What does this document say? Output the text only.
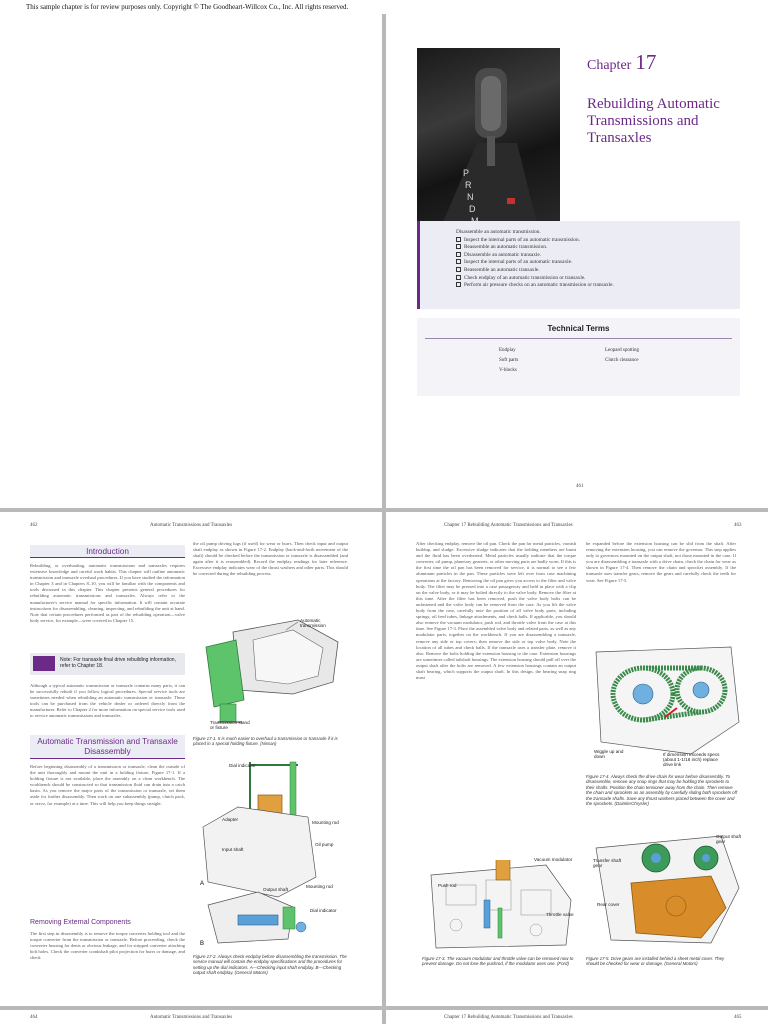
This sample chapter is for review purposes only. Copyright © The Goodheart-Willcox Co., Inc. All rights reserved.
P
R
N
D
Chapter 17
Rebuilding Automatic Transmissions and Transaxles
Disassemble an automatic transmission.
Inspect the internal parts of an automatic transmission.
Reassemble an automatic transmission.
Disassemble an automatic transaxle.
Inspect the internal parts of an automatic transaxle.
Reassemble an automatic transaxle.
Check endplay of an automatic transmission or transaxle.
Perform air pressure checks on an automatic transmission or transaxle.
Technical Terms
Endplay
Soft parts
V-blocks
Leopard spotting
Clutch clearance
461
462	Automatic Transmissions and Transaxles
Introduction
Rebuilding, or overhauling, automatic transmissions and transaxles requires extensive knowledge and careful work habits. This chapter will outline automatic transmission and transaxle overhaul procedures. If you have studied the information in Chapter 3 and in Chapters 8–10, you will be familiar with the components and tools discussed in this chapter. This chapter presents general procedures for rebuilding automatic transmissions and transaxles. Always refer to the manufacturer's service manual for specific information. It will contain accurate instructions for disassembling, cleaning, inspecting, and rebuilding the unit at hand. Note that certain procedures performed as part of the rebuilding operation—valve body service, for example—were covered in Chapter 15.
Note: For transaxle final drive rebuilding information, refer to Chapter 18.
Although a typical automatic transmission or transaxle contains many parts, it can be successfully rebuilt if you follow logical procedures. Special service tools are sometimes needed when rebuilding an automatic transmission or transaxle. These tools can be purchased from the vehicle dealer or ordered directly from the manufacturer. Refer to Chapter 2 for more information on special service tools used to service automatic transmissions and transaxles.
Automatic Transmission and Transaxle Disassembly
Before beginning disassembly of a transmission or transaxle, clean the outside of the unit thoroughly and mount the unit in a holding fixture, Figure 17-1. If a holding fixture is not available, place the assembly on a clean workbench. The workbench should be constructed so that transmission fluid can drain into a catch basin. As you remove the major parts of the transmission or transaxle, set them aside for further disassembly. Then work on one subassembly (pump, clutch pack, or servo, for example) at a time. This will help you keep things straight.
Removing External Components
The first step in disassembly is to remove the torque converter holding tool and the torque converter from the transmission or transaxle. Before proceeding, check the converter housing for dents or obvious leakage, and for stripped converter attaching bolt holes. Check the converter crankshaft pilot projection for burrs or damage, and check
the oil pump driving lugs (if used) for wear or burrs. Then check input and output shaft endplay as shown in Figure 17-2. Endplay (back-and-forth movement of the shaft) should be checked before the transmission or transaxle is disassembled (and again after it is reassembled). Record the endplay readings for later reference. Excessive endplay indicates wear of the thrust washers and other parts. This should be corrected during the rebuilding process.
Automatic transmission
Transmission stand or fixture
Figure 17-1. It is much easier to overhaul a transmission or transaxle if it is placed in a special holding fixture. (Nissan)
A
B
Dial indicator
Adapter
Mounting rod
Oil pump
Input shaft
Output shaft
Mounting rod
Dial indicator
Figure 17-2. Always check endplay before disassembling the transmission. The service manual will contain the endplay specifications and the procedures for setting up the dial indicators. A—Checking input shaft endplay. B—Checking output shaft endplay. (General Motors)
Chapter 17 Rebuilding Automatic Transmissions and Transaxles	463
After checking endplay, remove the oil pan. Check the pan for metal particles, varnish buildup, and sludge. Excessive sludge indicates that the holding members are burnt and the fluid has been overheated. Metal particles usually indicate that the torque converter, oil pump, planetary gearsets, or other moving parts are badly worn. If this is the first time the oil pan has been removed for service, it is normal to see a few aluminum particles in the pan. These particles were left over from case machining operations at the factory. Removing the oil pan gives you access to the filter and valve body. The filter may be pressed into a case passageway and held in place with a clip on the valve body, or it may be bolted directly to the valve body. Remove the filter at this time. After the filter has been removed, push the valve body bolts can be unfastened and the valve body can be removed from the case. As you lift the valve body from the case, carefully note the position of all valve body parts, including springs, oil feed tubes, linkage attachments, and check balls. If applicable, you should also remove the vacuum modulator, push rod, and throttle valve from the case at this time. See Figure 17-3. Place the assembled valve body and related parts, as well as any modulator parts, together on the workbench. If you are disassembling a transaxle, remove any side or top covers; then remove the side or top valve body. Note the location of all tubes and check balls. If the transaxle uses a transfer plate, remove it also. Remove the bolts holding the extension housing to the case. Extension housings are sometimes called tailshaft housings. The extension housing should pull off over the output shaft after the bolts are removed. A few extension housings contain an output shaft bearing, which supports the output shaft. In this design, the bearing snap ring must
be expanded before the extension housing can be slid from the shaft. After removing the extension housing, you can remove the governor. This step applies only to governors mounted on the output shaft, not those mounted in the case. If you are disassembling a transaxle with a drive chain, check the chain for wear as shown in Figure 17-4. Then remove the chain and sprocket assembly. If the transaxle uses transfer gears, remove the gears and carefully check the teeth for wear. See Figure 17-5.
Vacuum modulator
Push rod
Throttle valve
Figure 17-3. The vacuum modulator and throttle valve can be removed now to prevent damage. Do not lose the pushrod, if the modulator uses one. (Ford)
Wiggle up and down	If dimension exceeds specs (about 1-1/16 inch) replace drive link
Figure 17-4. Always check the drive chain for wear before disassembly. To disassemble, remove any snap rings that may be holding the sprockets to their shafts. Position the chain tensioner away from the chain. Then remove the chain and sprockets as an assembly by carefully sliding both sprockets off the transaxle shafts. Save any thrust washers placed between the cover and the sprockets. (DaimlerChrysler)
Output shaft gear
Transfer shaft gear
Rear cover
Figure 17-5. Drive gears are installed behind a sheet metal cover. They should be checked for wear or damage. (General Motors)
464	Automatic Transmissions and Transaxles	Chapter 17 Rebuilding Automatic Transmissions and Transaxles	465
